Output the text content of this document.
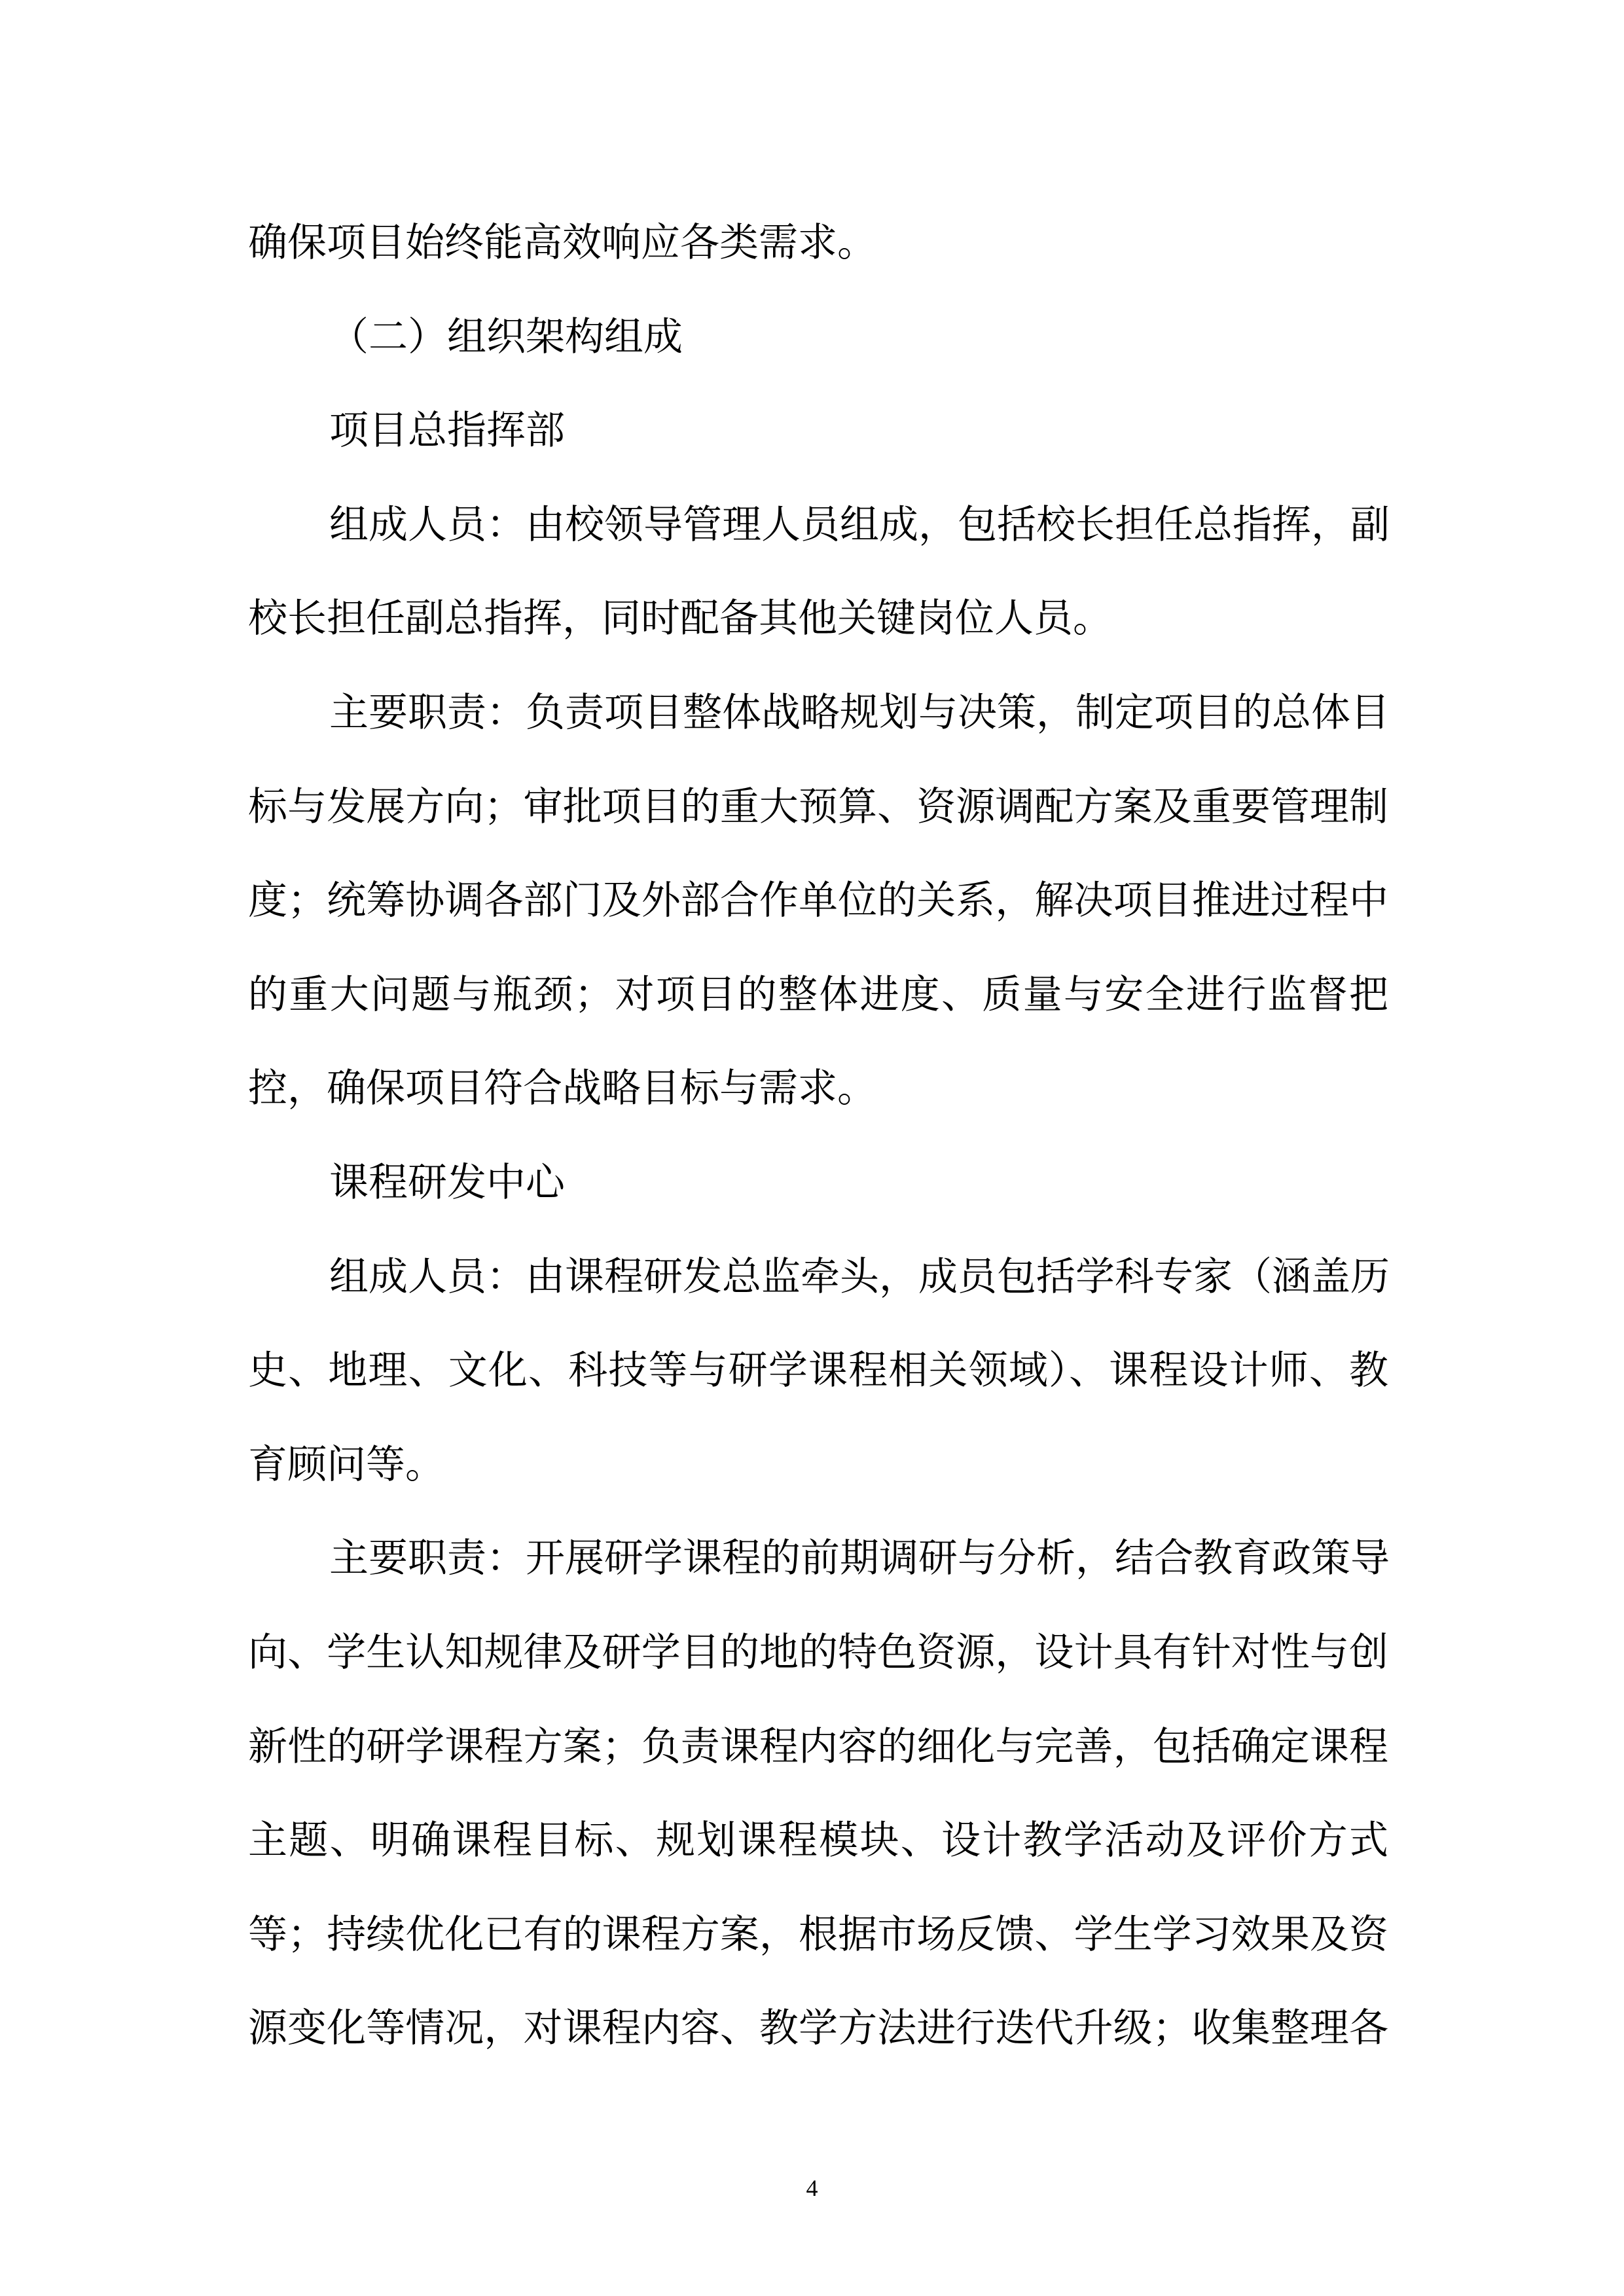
确保项目始终能高效响应各类需求。
（二）组织架构组成
项目总指挥部
组成人员：由校领导管理人员组成，包括校长担任总指挥，副
校长担任副总指挥，同时配备其他关键岗位人员。
主要职责：负责项目整体战略规划与决策，制定项目的总体目
标与发展方向；审批项目的重大预算、资源调配方案及重要管理制
度；统筹协调各部门及外部合作单位的关系，解决项目推进过程中
的重大问题与瓶颈；对项目的整体进度、质量与安全进行监督把
控，确保项目符合战略目标与需求。
课程研发中心
组成人员：由课程研发总监牵头，成员包括学科专家（涵盖历
史、地理、文化、科技等与研学课程相关领域）、课程设计师、教
育顾问等。
主要职责：开展研学课程的前期调研与分析，结合教育政策导
向、学生认知规律及研学目的地的特色资源，设计具有针对性与创
新性的研学课程方案；负责课程内容的细化与完善，包括确定课程
主题、明确课程目标、规划课程模块、设计教学活动及评价方式
等；持续优化已有的课程方案，根据市场反馈、学生学习效果及资
源变化等情况，对课程内容、教学方法进行迭代升级；收集整理各
4
